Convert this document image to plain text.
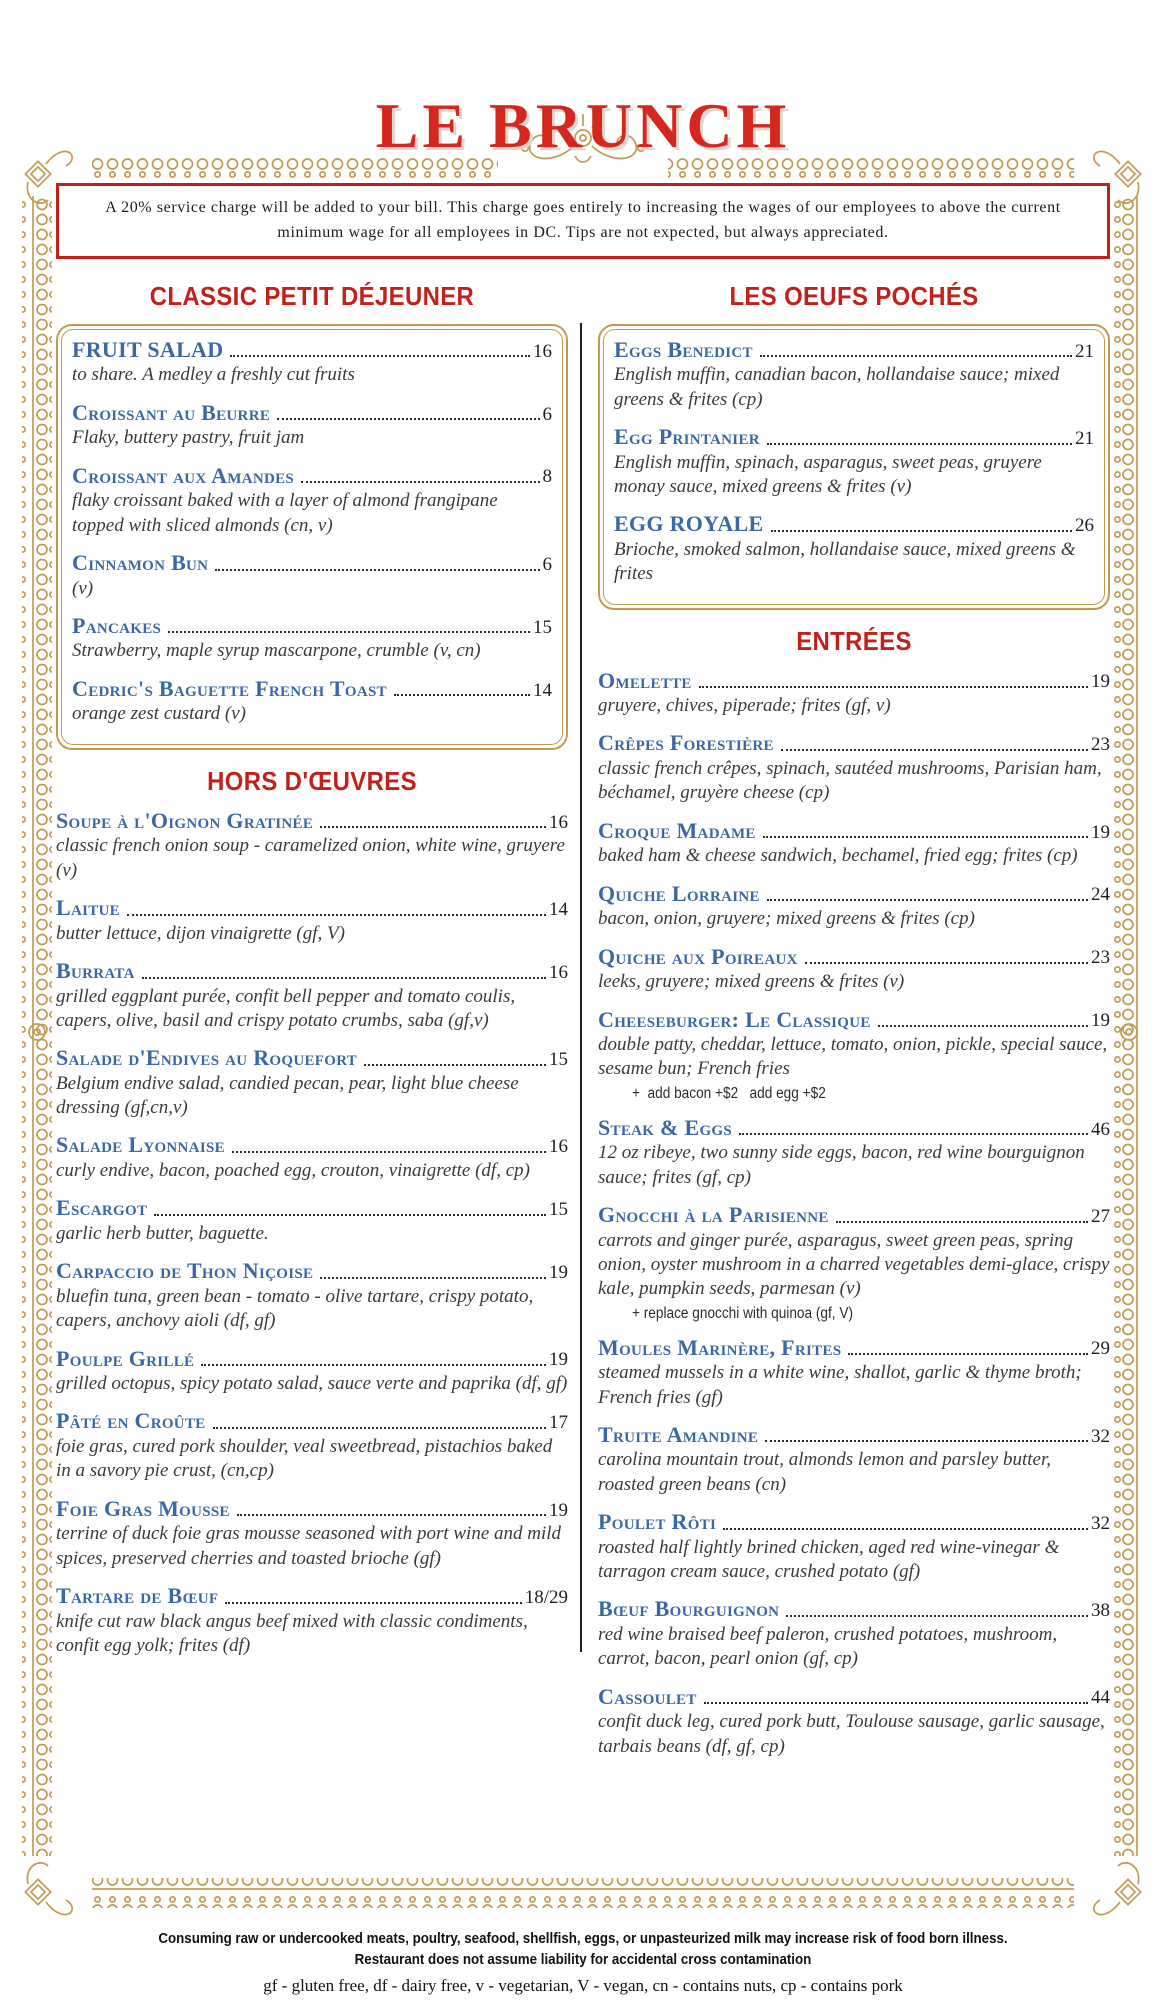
LE BRUNCH
A 20% service charge will be added to your bill. This charge goes entirely to increasing the wages of our employees to above the current minimum wage for all employees in DC. Tips are not expected, but always appreciated.
CLASSIC PETIT DÉJEUNER
FRUIT SALAD	16
to share. A medley a freshly cut fruits
Croissant au Beurre	6
Flaky, buttery pastry, fruit jam
Croissant aux Amandes	8
flaky croissant baked with a layer of almond frangipane topped with sliced almonds (cn, v)
Cinnamon Bun	6
(v)
Pancakes	15
Strawberry, maple syrup mascarpone, crumble (v, cn)
Cedric's Baguette French Toast	14
orange zest custard (v)
HORS D'ŒUVRES
Soupe à l'Oignon Gratinée	16
classic french onion soup - caramelized onion, white wine, gruyere (v)
Laitue	14
butter lettuce, dijon vinaigrette (gf, V)
Burrata	16
grilled eggplant purée, confit bell pepper and tomato coulis, capers, olive, basil and crispy potato crumbs, saba (gf,v)
Salade d'Endives au Roquefort	15
Belgium endive salad, candied pecan, pear, light blue cheese dressing (gf,cn,v)
Salade Lyonnaise	16
curly endive, bacon, poached egg, crouton, vinaigrette (df, cp)
Escargot	15
garlic herb butter, baguette.
Carpaccio de Thon Niçoise	19
bluefin tuna, green bean - tomato - olive tartare, crispy potato, capers, anchovy aioli (df, gf)
Poulpe Grillé	19
grilled octopus, spicy potato salad, sauce verte and paprika (df, gf)
Pâté en Croûte	17
foie gras, cured pork shoulder, veal sweetbread, pistachios baked in a savory pie crust, (cn,cp)
Foie Gras Mousse	19
terrine of duck foie gras mousse seasoned with port wine and mild spices, preserved cherries and toasted brioche (gf)
Tartare de Bœuf	18/29
knife cut raw black angus beef mixed with classic condiments, confit egg yolk; frites (df)
LES OEUFS POCHÉS
Eggs Benedict	21
English muffin, canadian bacon, hollandaise sauce; mixed greens & frites (cp)
Egg Printanier	21
English muffin, spinach, asparagus, sweet peas, gruyere monay sauce, mixed greens & frites (v)
EGG ROYALE	26
Brioche, smoked salmon, hollandaise sauce, mixed greens & frites
ENTRÉES
Omelette	19
gruyere, chives, piperade; frites (gf, v)
Crêpes Forestière	23
classic french crêpes, spinach, sautéed mushrooms, Parisian ham, béchamel, gruyère cheese (cp)
Croque Madame	19
baked ham & cheese sandwich, bechamel, fried egg; frites (cp)
Quiche Lorraine	24
bacon, onion, gruyere; mixed greens & frites (cp)
Quiche aux Poireaux	23
leeks, gruyere; mixed greens & frites (v)
Cheeseburger: Le Classique	19
double patty, cheddar, lettuce, tomato, onion, pickle, special sauce, sesame bun; French fries
+  add bacon +$2   add egg +$2
Steak & Eggs	46
12 oz ribeye, two sunny side eggs, bacon, red wine bourguignon sauce; frites (gf, cp)
Gnocchi à la Parisienne	27
carrots and ginger purée, asparagus, sweet green peas, spring onion, oyster mushroom in a charred vegetables demi-glace, crispy kale, pumpkin seeds, parmesan (v)
+ replace gnocchi with quinoa (gf, V)
Moules Marinère, Frites	29
steamed mussels in a white wine, shallot, garlic & thyme broth; French fries (gf)
Truite Amandine	32
carolina mountain trout, almonds lemon and parsley butter, roasted green beans (cn)
Poulet Rôti	32
roasted half lightly brined chicken, aged red wine-vinegar & tarragon cream sauce, crushed potato (gf)
Bœuf Bourguignon	38
red wine braised beef paleron, crushed potatoes, mushroom, carrot, bacon, pearl onion (gf, cp)
Cassoulet	44
confit duck leg, cured pork butt, Toulouse sausage, garlic sausage, tarbais beans (df, gf, cp)
Consuming raw or undercooked meats, poultry, seafood, shellfish, eggs, or unpasteurized milk may increase risk of food born illness.
Restaurant does not assume liability for accidental cross contamination
gf - gluten free, df - dairy free, v - vegetarian, V - vegan, cn - contains nuts, cp - contains pork
